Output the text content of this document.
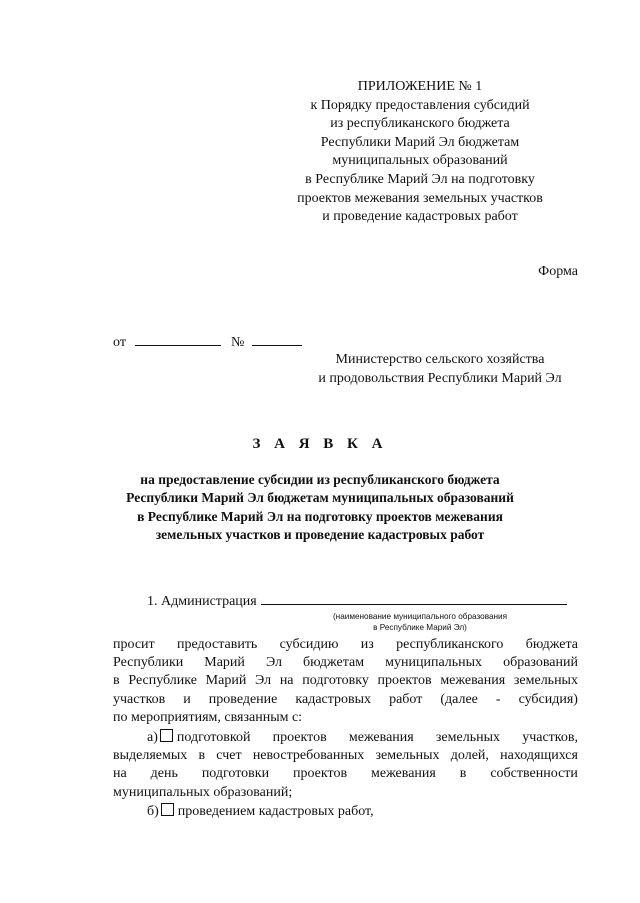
ПРИЛОЖЕНИЕ № 1
к Порядку предоставления субсидий
из республиканского бюджета
Республики Марий Эл бюджетам
муниципальных образований
в Республике Марий Эл на подготовку
проектов межевания земельных участков
и проведение кадастровых работ
Форма
от	№
Министерство сельского хозяйства
и продовольствия Республики Марий Эл
З А Я В К А
на предоставление субсидии из республиканского бюджета
Республики Марий Эл бюджетам муниципальных образований
в Республике Марий Эл на подготовку проектов межевания
земельных участков и проведение кадастровых работ
1. Администрация
(наименование муниципального образования
в Республике Марий Эл)
просит предоставить субсидию из республиканского бюджета
Республики Марий Эл бюджетам муниципальных образований
в Республике Марий Эл на подготовку проектов межевания земельных
участков и проведение кадастровых работ (далее - субсидия)
по мероприятиям, связанным с:
а)	подготовкой проектов межевания земельных участков,
выделяемых в счет невостребованных земельных долей, находящихся
на день подготовки проектов межевания в собственности
муниципальных образований;
б) проведением кадастровых работ,
